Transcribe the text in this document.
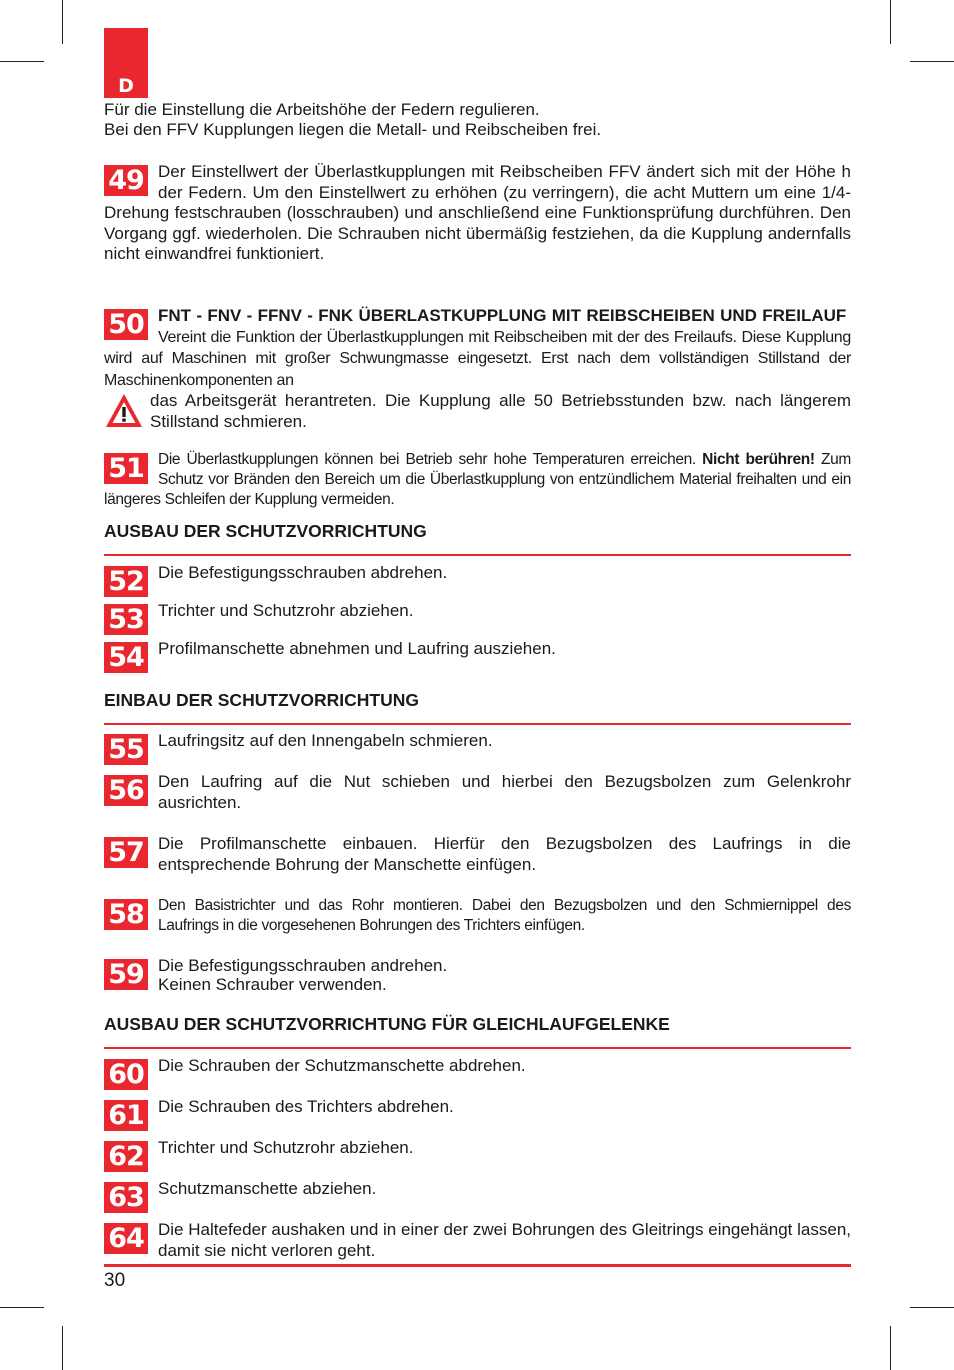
D
Für die Einstellung die Arbeitshöhe der Federn regulieren.
Bei den FFV Kupplungen liegen die Metall- und Reibscheiben frei.
49 Der Einstellwert der Überlastkupplungen mit Reibscheiben FFV ändert sich mit der Höhe h der Federn. Um den Einstellwert zu erhöhen (zu verringern), die acht Muttern um eine 1/4-Drehung festschrauben (losschrauben) und anschließend eine Funktionsprüfung durchführen. Den Vorgang ggf. wiederholen. Die Schrauben nicht übermäßig festziehen, da die Kupplung andernfalls nicht einwandfrei funktioniert.

50 FNT - FNV - FFNV - FNK ÜBERLASTKUPPLUNG MIT REIBSCHEIBEN UND FREILAUF  Vereint die Funktion der Überlastkupplungen mit Reibscheiben mit der des Freilaufs. Diese Kupplung wird auf Maschinen mit großer Schwungmasse eingesetzt. Erst nach dem vollständigen Stillstand der Maschinenkomponenten an

das Arbeitsgerät herantreten. Die Kupplung alle 50 Betriebsstunden bzw. nach längerem Stillstand schmieren.

51 Die Überlastkupplungen können bei Betrieb sehr hohe Temperaturen erreichen. Nicht berühren! Zum Schutz vor Bränden den Bereich um die Überlastkupplung von entzündlichem Material freihalten und ein längeres Schleifen der Kupplung vermeiden.

AUSBAU DER SCHUTZVORRICHTUNG
52 Die Befestigungsschrauben abdrehen.

53 Trichter und Schutzrohr abziehen.

54 Profilmanschette abnehmen und Laufring ausziehen.

EINBAU DER SCHUTZVORRICHTUNG
55 Laufringsitz auf den Innengabeln schmieren.

56 Den Laufring auf die Nut schieben und hierbei den Bezugsbolzen zum Gelenkrohr ausrichten.

57 Die Profilmanschette einbauen. Hierfür den Bezugsbolzen des Laufrings in die entsprechende Bohrung der Manschette einfügen.

58 Den Basistrichter und das Rohr montieren. Dabei den Bezugsbolzen und den Schmiernippel des Laufrings in die vorgesehenen Bohrungen des Trichters einfügen.

59 Die Befestigungsschrauben andrehen.
Keinen Schrauber verwenden.

AUSBAU DER SCHUTZVORRICHTUNG FÜR GLEICHLAUFGELENKE
60 Die Schrauben der Schutzmanschette abdrehen.

61 Die Schrauben des Trichters abdrehen.

62 Trichter und Schutzrohr abziehen.

63 Schutzmanschette abziehen.

64 Die Haltefeder aushaken und in einer der zwei Bohrungen des Gleitrings eingehängt lassen, damit sie nicht verloren geht.

30
